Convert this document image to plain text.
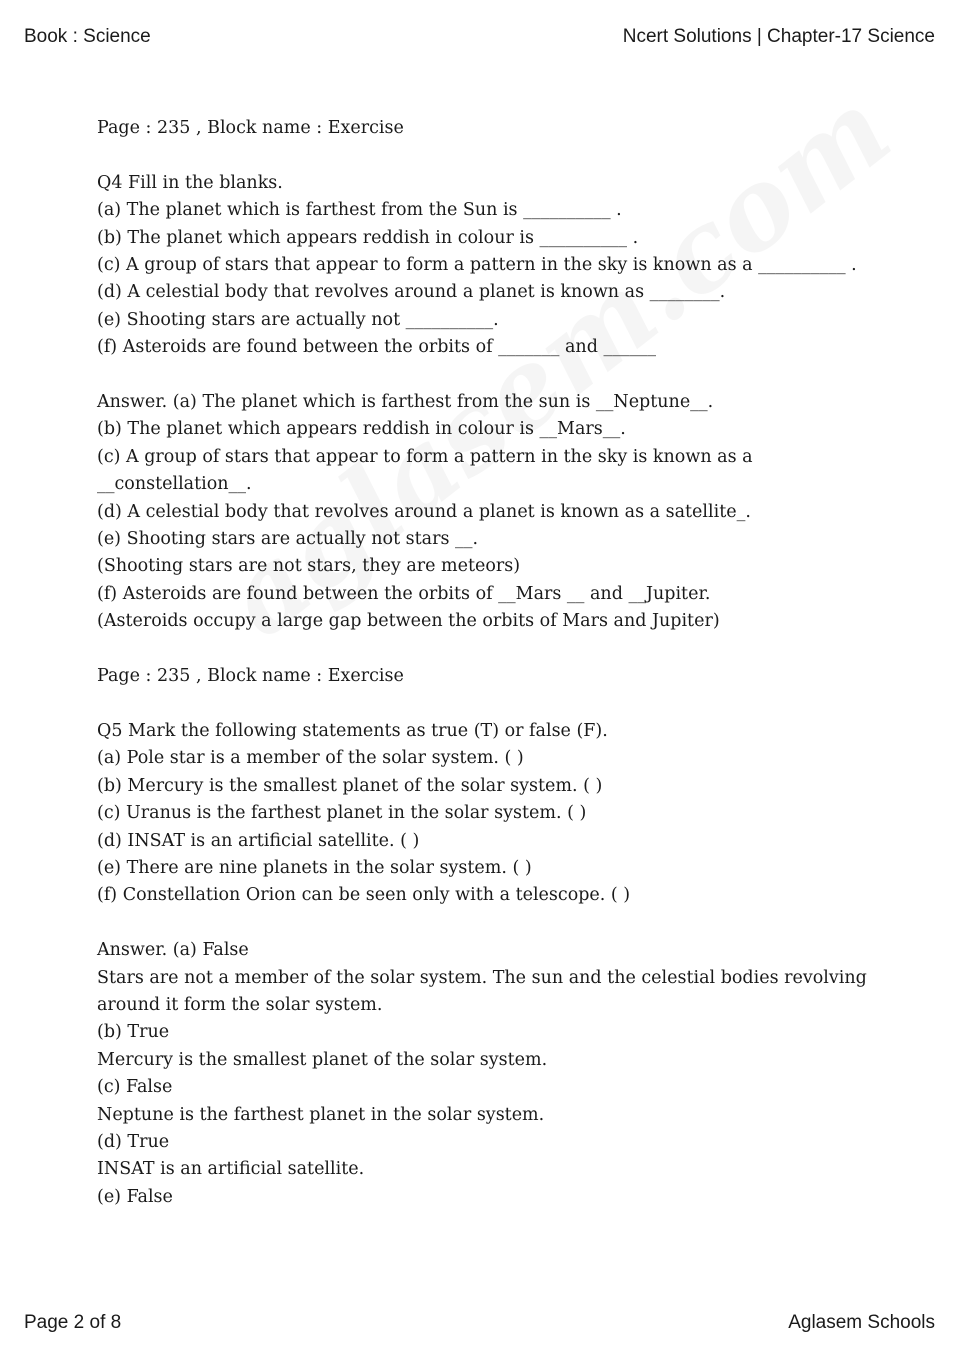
Book : Science	Ncert Solutions | Chapter-17 Science
Page : 235 , Block name : Exercise
Q4 Fill in the blanks.
(a) The planet which is farthest from the Sun is __________ .
(b) The planet which appears reddish in colour is __________ .
(c) A group of stars that appear to form a pattern in the sky is known as a __________ .
(d) A celestial body that revolves around a planet is known as ________.
(e) Shooting stars are actually not __________.
(f) Asteroids are found between the orbits of _______ and ______
Answer. (a) The planet which is farthest from the sun is __Neptune__.
(b) The planet which appears reddish in colour is __Mars__.
(c) A group of stars that appear to form a pattern in the sky is known as a
__constellation__.
(d) A celestial body that revolves around a planet is known as a satellite_.
(e) Shooting stars are actually not stars __.
(Shooting stars are not stars, they are meteors)
(f) Asteroids are found between the orbits of __Mars __ and __Jupiter.
(Asteroids occupy a large gap between the orbits of Mars and Jupiter)
Page : 235 , Block name : Exercise
Q5 Mark the following statements as true (T) or false (F).
(a) Pole star is a member of the solar system. ( )
(b) Mercury is the smallest planet of the solar system. ( )
(c) Uranus is the farthest planet in the solar system. ( )
(d) INSAT is an artificial satellite. ( )
(e) There are nine planets in the solar system. ( )
(f) Constellation Orion can be seen only with a telescope. ( )
Answer. (a) False
Stars are not a member of the solar system. The sun and the celestial bodies revolving
around it form the solar system.
(b) True
Mercury is the smallest planet of the solar system.
(c) False
Neptune is the farthest planet in the solar system.
(d) True
INSAT is an artificial satellite.
(e) False
Page 2 of 8	Aglasem Schools
